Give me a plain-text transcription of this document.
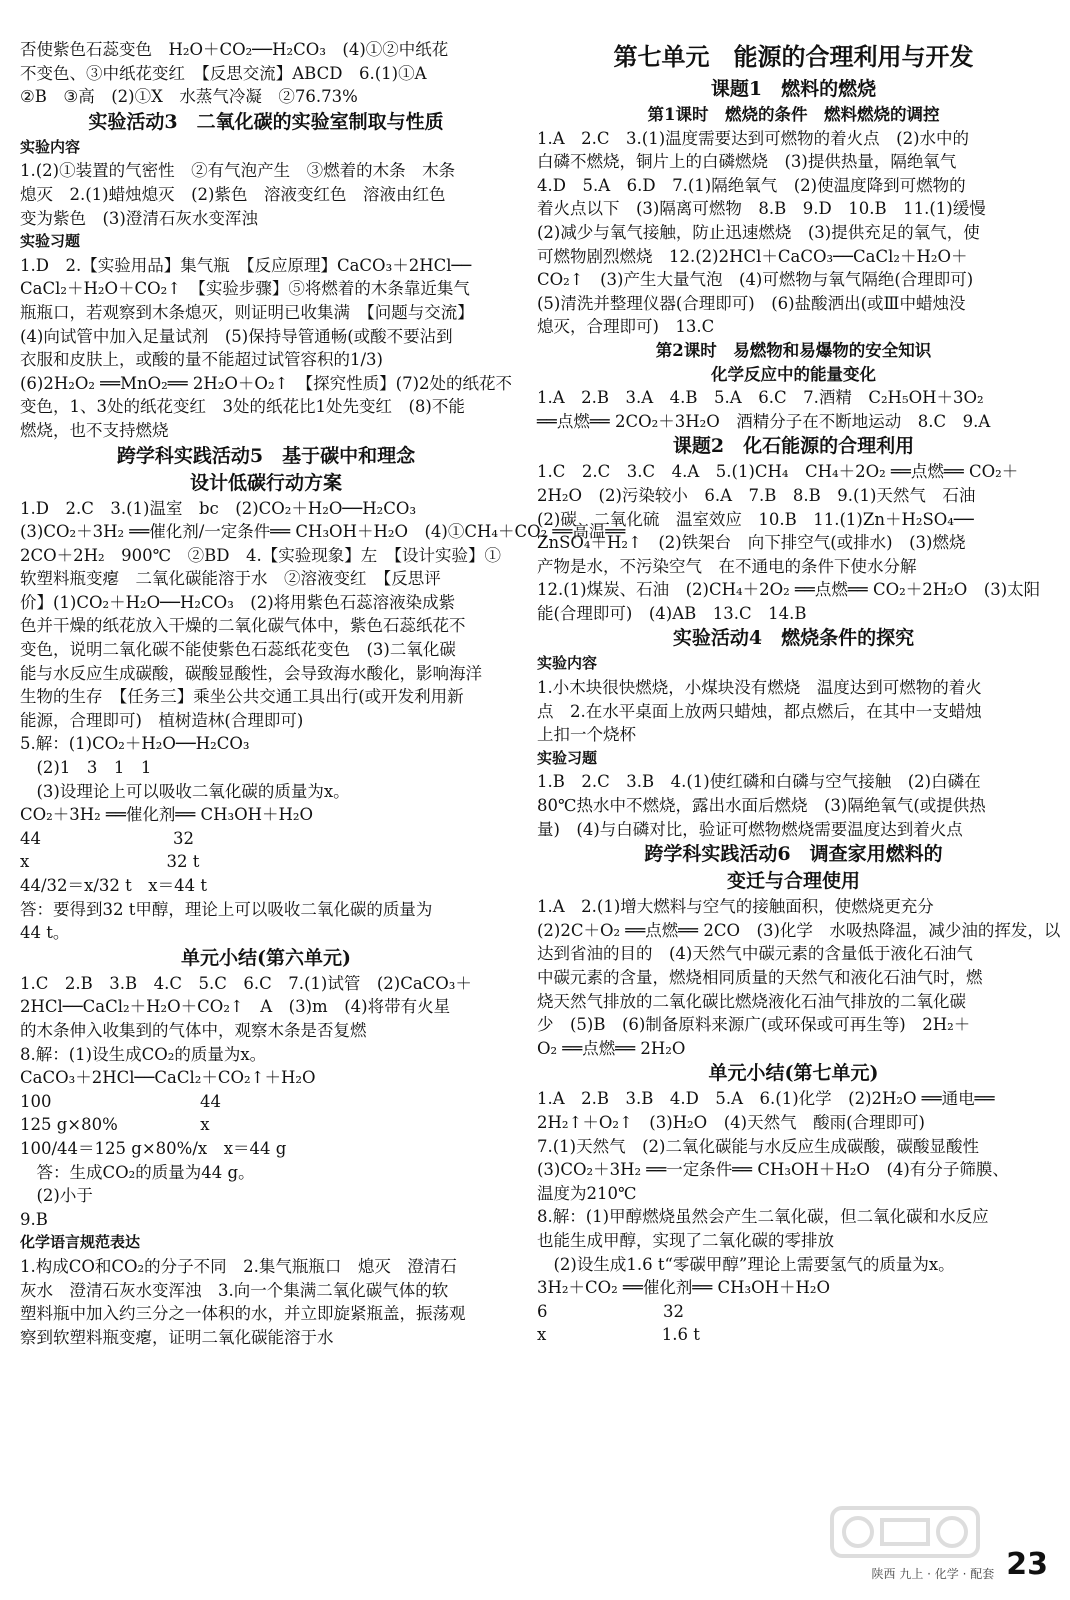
否使紫色石蕊变色　H₂O＋CO₂──H₂CO₃　(4)①②中纸花
不变色、③中纸花变红　【反思交流】ABCD　6.(1)①A
②B　③高　(2)①X　水蒸气冷凝　②76.73%
实验活动3　二氧化碳的实验室制取与性质
实验内容
1.(2)①装置的气密性　②有气泡产生　③燃着的木条　木条
熄灭　2.(1)蜡烛熄灭　(2)紫色　溶液变红色　溶液由红色
变为紫色　(3)澄清石灰水变浑浊
实验习题
1.D　2.【实验用品】集气瓶　【反应原理】CaCO₃＋2HCl──
CaCl₂＋H₂O＋CO₂↑　【实验步骤】⑤将燃着的木条靠近集气
瓶瓶口，若观察到木条熄灭，则证明已收集满　【问题与交流】
(4)向试管中加入足量试剂　(5)保持导管通畅(或酸不要沾到
衣服和皮肤上，或酸的量不能超过试管容积的1/3)
(6)2H₂O₂ ══MnO₂══ 2H₂O＋O₂↑　【探究性质】(7)2处的纸花不
变色，1、3处的纸花变红　3处的纸花比1处先变红　(8)不能
燃烧，也不支持燃烧
跨学科实践活动5　基于碳中和理念
设计低碳行动方案
1.D　2.C　3.(1)温室　bc　(2)CO₂＋H₂O──H₂CO₃
(3)CO₂＋3H₂ ══催化剂/一定条件══ CH₃OH＋H₂O　(4)①CH₄＋CO₂ ══高温══
2CO＋2H₂　900℃　②BD　4.【实验现象】左　【设计实验】①
软塑料瓶变瘪　二氧化碳能溶于水　②溶液变红　【反思评
价】(1)CO₂＋H₂O──H₂CO₃　(2)将用紫色石蕊溶液染成紫
色并干燥的纸花放入干燥的二氧化碳气体中，紫色石蕊纸花不
变色，说明二氧化碳不能使紫色石蕊纸花变色　(3)二氧化碳
能与水反应生成碳酸，碳酸显酸性，会导致海水酸化，影响海洋
生物的生存　【任务三】乘坐公共交通工具出行(或开发利用新
能源，合理即可)　植树造林(合理即可)
5.解：(1)CO₂＋H₂O──H₂CO₃
　(2)1　3　1　1
　(3)设理论上可以吸收二氧化碳的质量为x。
CO₂＋3H₂ ══催化剂══ CH₃OH＋H₂O
44　　　　　　　　32
x　　　　　　　　 32 t
44/32＝x/32 t　x＝44 t
答：要得到32 t甲醇，理论上可以吸收二氧化碳的质量为
44 t。
单元小结(第六单元)
1.C　2.B　3.B　4.C　5.C　6.C　7.(1)试管　(2)CaCO₃＋
2HCl──CaCl₂＋H₂O＋CO₂↑　A　(3)m　(4)将带有火星
的木条伸入收集到的气体中，观察木条是否复燃
8.解：(1)设生成CO₂的质量为x。
CaCO₃＋2HCl──CaCl₂＋CO₂↑＋H₂O
100　　　　　　　　　44
125 g×80%　　　　　x
100/44＝125 g×80%/x　x＝44 g
　答：生成CO₂的质量为44 g。
　(2)小于
9.B
化学语言规范表达
1.构成CO和CO₂的分子不同　2.集气瓶瓶口　熄灭　澄清石
灰水　澄清石灰水变浑浊　3.向一个集满二氧化碳气体的软
塑料瓶中加入约三分之一体积的水，并立即旋紧瓶盖，振荡观
察到软塑料瓶变瘪，证明二氧化碳能溶于水
第七单元　能源的合理利用与开发
课题1　燃料的燃烧
第1课时　燃烧的条件　燃料燃烧的调控
1.A　2.C　3.(1)温度需要达到可燃物的着火点　(2)水中的
白磷不燃烧，铜片上的白磷燃烧　(3)提供热量，隔绝氧气
4.D　5.A　6.D　7.(1)隔绝氧气　(2)使温度降到可燃物的
着火点以下　(3)隔离可燃物　8.B　9.D　10.B　11.(1)缓慢
(2)减少与氧气接触，防止迅速燃烧　(3)提供充足的氧气，使
可燃物剧烈燃烧　12.(2)2HCl＋CaCO₃──CaCl₂＋H₂O＋
CO₂↑　(3)产生大量气泡　(4)可燃物与氧气隔绝(合理即可)
(5)清洗并整理仪器(合理即可)　(6)盐酸洒出(或Ⅲ中蜡烛没
熄灭，合理即可)　13.C
第2课时　易燃物和易爆物的安全知识
化学反应中的能量变化
1.A　2.B　3.A　4.B　5.A　6.C　7.酒精　C₂H₅OH＋3O₂
══点燃══ 2CO₂＋3H₂O　酒精分子在不断地运动　8.C　9.A
课题2　化石能源的合理利用
1.C　2.C　3.C　4.A　5.(1)CH₄　CH₄＋2O₂ ══点燃══ CO₂＋
2H₂O　(2)污染较小　6.A　7.B　8.B　9.(1)天然气　石油
(2)碳　二氧化硫　温室效应　10.B　11.(1)Zn＋H₂SO₄──
ZnSO₄＋H₂↑　(2)铁架台　向下排空气(或排水)　(3)燃烧
产物是水，不污染空气　在不通电的条件下使水分解
12.(1)煤炭、石油　(2)CH₄＋2O₂ ══点燃══ CO₂＋2H₂O　(3)太阳
能(合理即可)　(4)AB　13.C　14.B
实验活动4　燃烧条件的探究
实验内容
1.小木块很快燃烧，小煤块没有燃烧　温度达到可燃物的着火
点　2.在水平桌面上放两只蜡烛，都点燃后，在其中一支蜡烛
上扣一个烧杯
实验习题
1.B　2.C　3.B　4.(1)使红磷和白磷与空气接触　(2)白磷在
80℃热水中不燃烧，露出水面后燃烧　(3)隔绝氧气(或提供热
量)　(4)与白磷对比，验证可燃物燃烧需要温度达到着火点
跨学科实践活动6　调查家用燃料的
变迁与合理使用
1.A　2.(1)增大燃料与空气的接触面积，使燃烧更充分
(2)2C＋O₂ ══点燃══ 2CO　(3)化学　水吸热降温，减少油的挥发，以
达到省油的目的　(4)天然气中碳元素的含量低于液化石油气
中碳元素的含量，燃烧相同质量的天然气和液化石油气时，燃
烧天然气排放的二氧化碳比燃烧液化石油气排放的二氧化碳
少　(5)B　(6)制备原料来源广(或环保或可再生等)　2H₂＋
O₂ ══点燃══ 2H₂O
单元小结(第七单元)
1.A　2.B　3.B　4.D　5.A　6.(1)化学　(2)2H₂O ══通电══
2H₂↑＋O₂↑　(3)H₂O　(4)天然气　酸雨(合理即可)
7.(1)天然气　(2)二氧化碳能与水反应生成碳酸，碳酸显酸性
(3)CO₂＋3H₂ ══一定条件══ CH₃OH＋H₂O　(4)有分子筛膜、
温度为210℃
8.解：(1)甲醇燃烧虽然会产生二氧化碳，但二氧化碳和水反应
也能生成甲醇，实现了二氧化碳的零排放
　(2)设生成1.6 t“零碳甲醇”理论上需要氢气的质量为x。
3H₂＋CO₂ ══催化剂══ CH₃OH＋H₂O
6　　　　　　　32
x　　　　　　　1.6 t
陕西 九上 · 化学 · 配套 23
